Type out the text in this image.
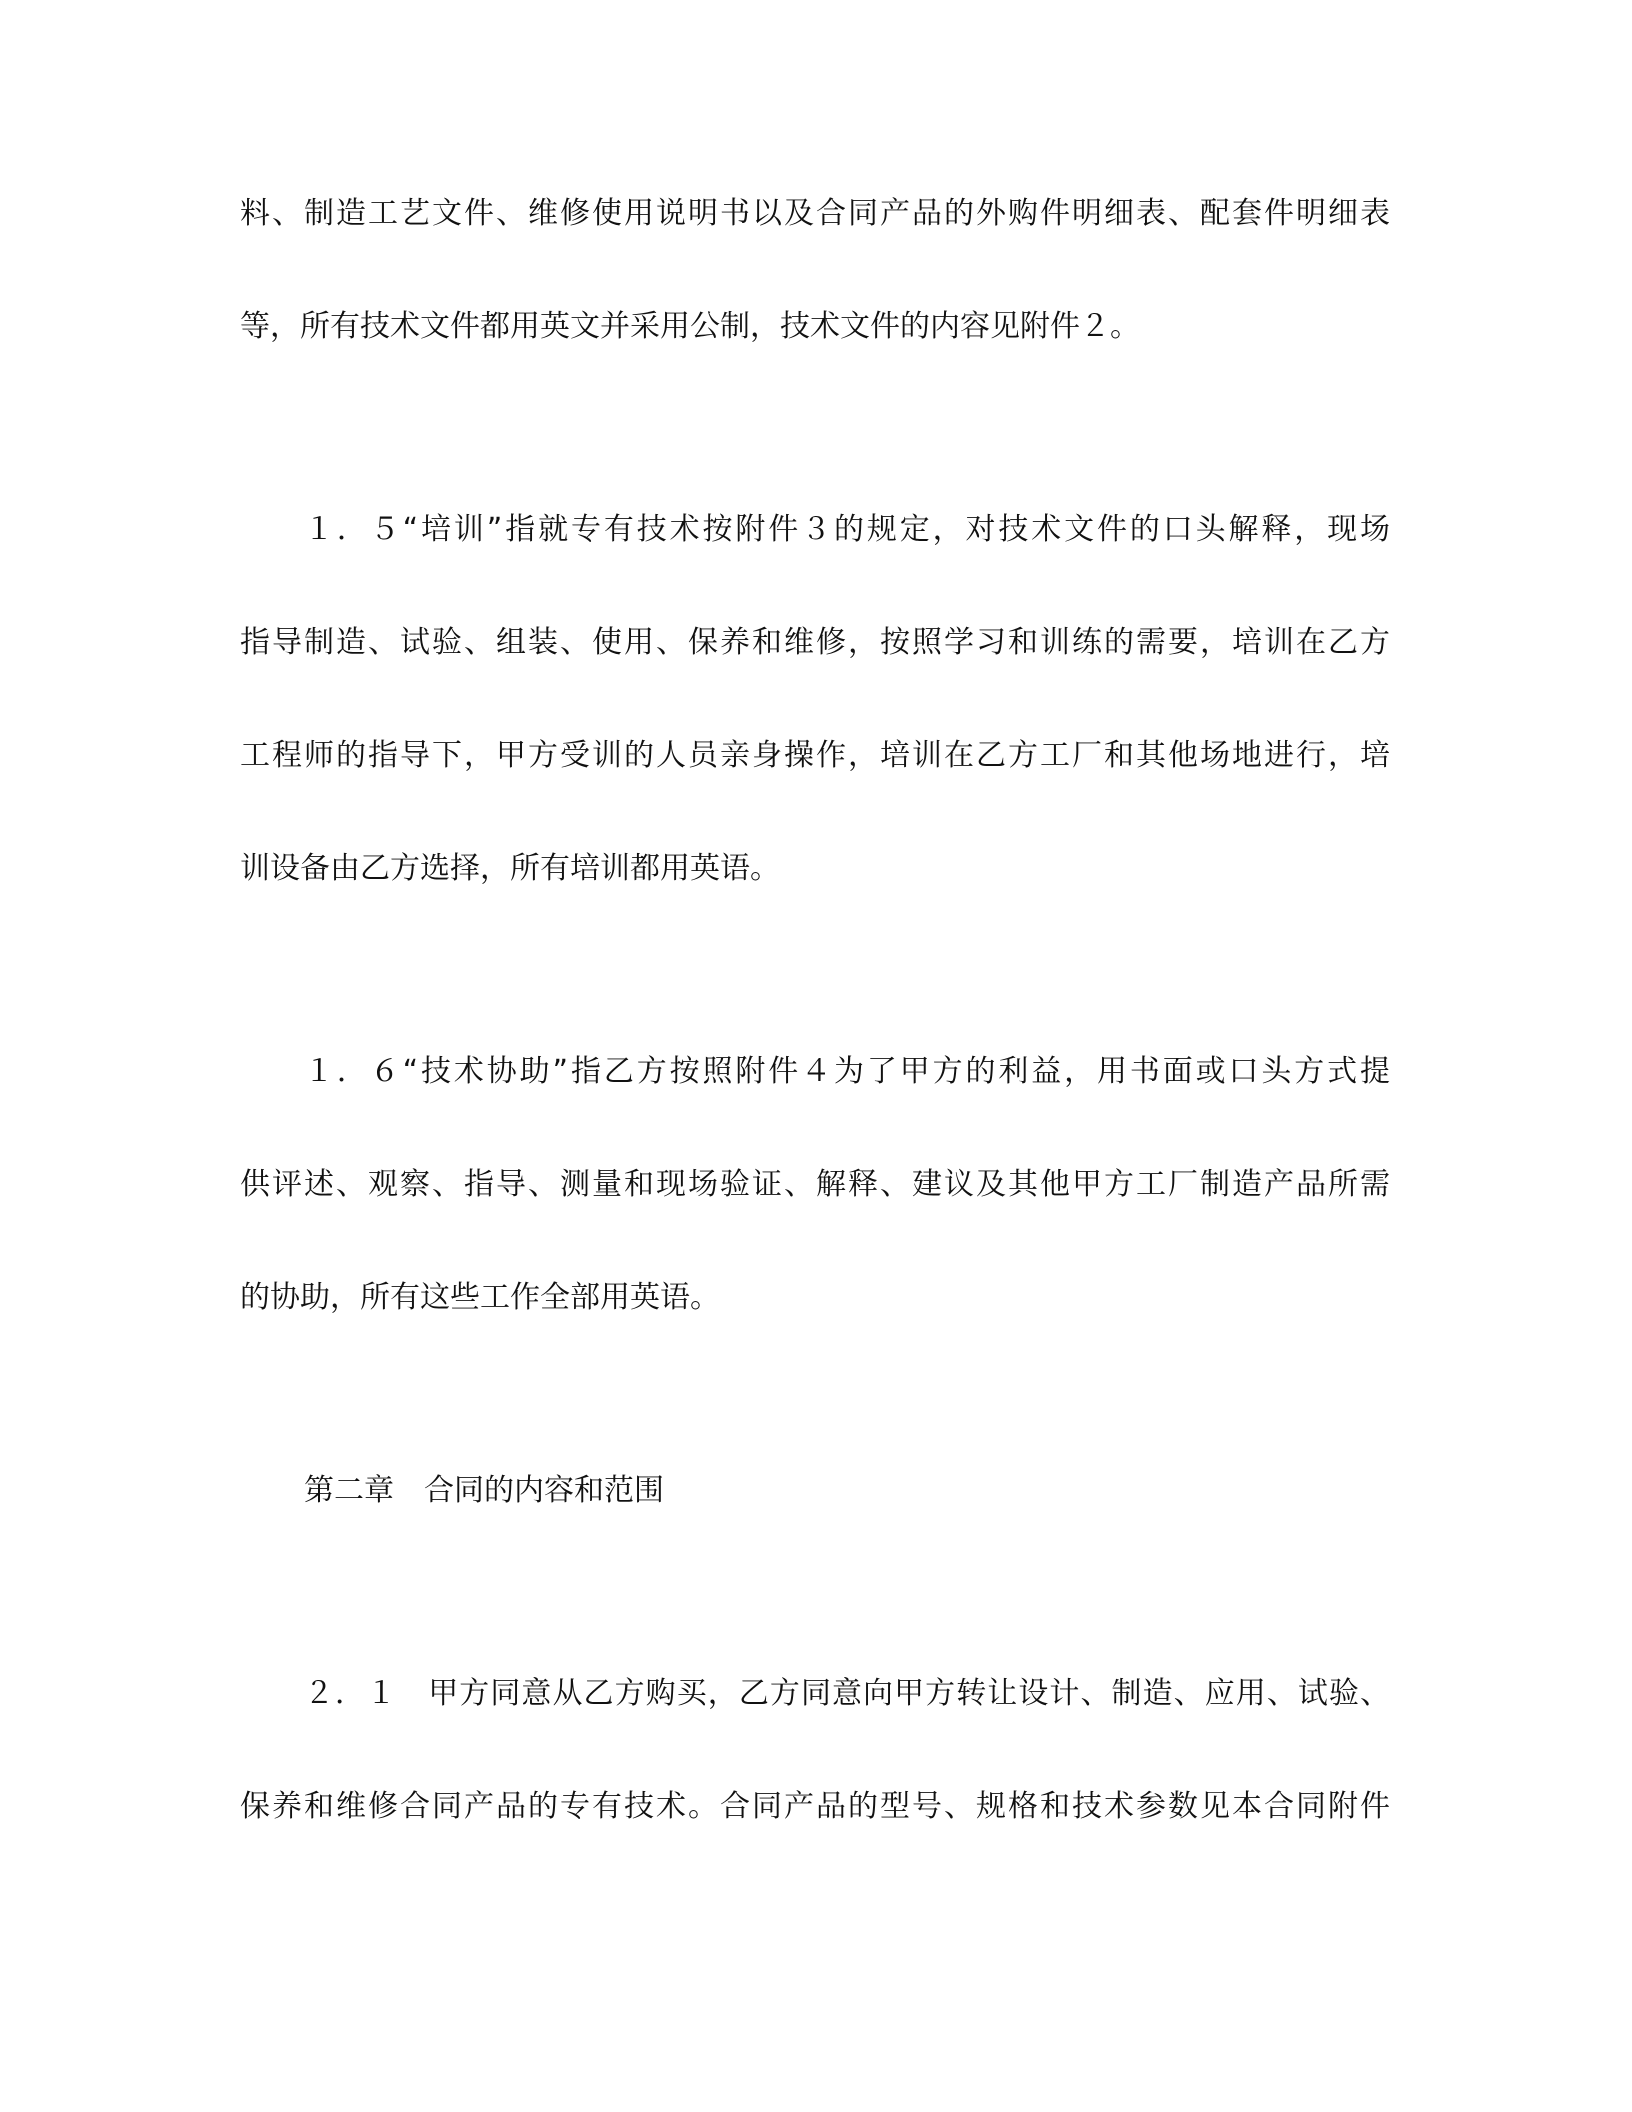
料、制造工艺文件、维修使用说明书以及合同产品的外购件明细表、配套件明细表
等，所有技术文件都用英文并采用公制，技术文件的内容见附件２。
１．５“培训”指就专有技术按附件３的规定，对技术文件的口头解释，现场
指导制造、试验、组装、使用、保养和维修，按照学习和训练的需要，培训在乙方
工程师的指导下，甲方受训的人员亲身操作，培训在乙方工厂和其他场地进行，培
训设备由乙方选择，所有培训都用英语。
１．６“技术协助”指乙方按照附件４为了甲方的利益，用书面或口头方式提
供评述、观察、指导、测量和现场验证、解释、建议及其他甲方工厂制造产品所需
的协助，所有这些工作全部用英语。
第二章　合同的内容和范围
２．１　甲方同意从乙方购买，乙方同意向甲方转让设计、制造、应用、试验、
保养和维修合同产品的专有技术。合同产品的型号、规格和技术参数见本合同附件
